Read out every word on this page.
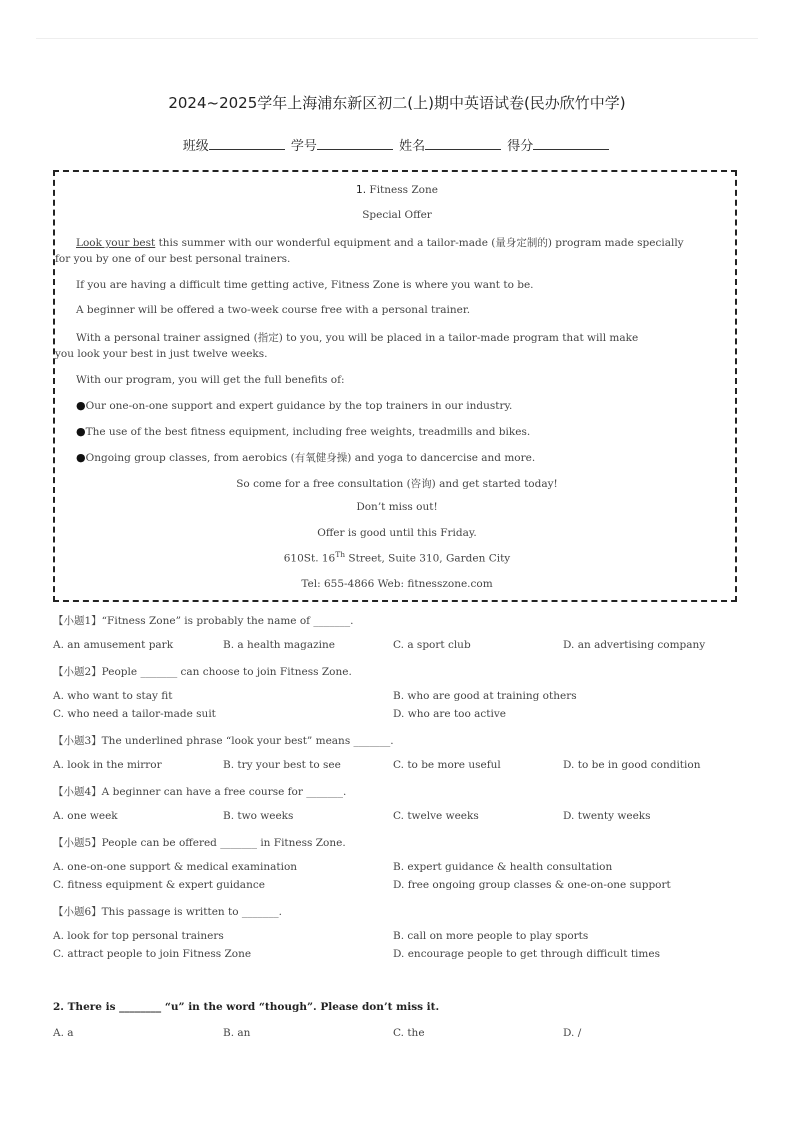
2024~2025学年上海浦东新区初二(上)期中英语试卷(民办欣竹中学)
班级	学号	姓名	得分
1. Fitness Zone
Special Offer
Look your best this summer with our wonderful equipment and a tailor-made (量身定制的) program made specially
for you by one of our best personal trainers.
If you are having a difficult time getting active, Fitness Zone is where you want to be.
A beginner will be offered a two-week course free with a personal trainer.
With a personal trainer assigned (指定) to you, you will be placed in a tailor-made program that will make
you look your best in just twelve weeks.
With our program, you will get the full benefits of:
●Our one-on-one support and expert guidance by the top trainers in our industry.
●The use of the best fitness equipment, including free weights, treadmills and bikes.
●Ongoing group classes, from aerobics (有氧健身操) and yoga to dancercise and more.
So come for a free consultation (咨询) and get started today!
Don’t miss out!
Offer is good until this Friday.
610St. 16Th Street, Suite 310, Garden City
Tel: 655-4866 Web: fitnesszone.com
【小题1】“Fitness Zone” is probably the name of _______.
A. an amusement park	B. a health magazine	C. a sport club	D. an advertising company
【小题2】People _______ can choose to join Fitness Zone.
A. who want to stay fit	B. who are good at training others
C. who need a tailor-made suit	D. who are too active
【小题3】The underlined phrase “look your best” means _______.
A. look in the mirror	B. try your best to see	C. to be more useful	D. to be in good condition
【小题4】A beginner can have a free course for _______.
A. one week	B. two weeks	C. twelve weeks	D. twenty weeks
【小题5】People can be offered _______ in Fitness Zone.
A. one-on-one support & medical examination	B. expert guidance & health consultation
C. fitness equipment & expert guidance	D. free ongoing group classes & one-on-one support
【小题6】This passage is written to _______.
A. look for top personal trainers	B. call on more people to play sports
C. attract people to join Fitness Zone	D. encourage people to get through difficult times
2. There is ________ “u” in the word “though”. Please don’t miss it.
A. a	B. an	C. the	D. /
